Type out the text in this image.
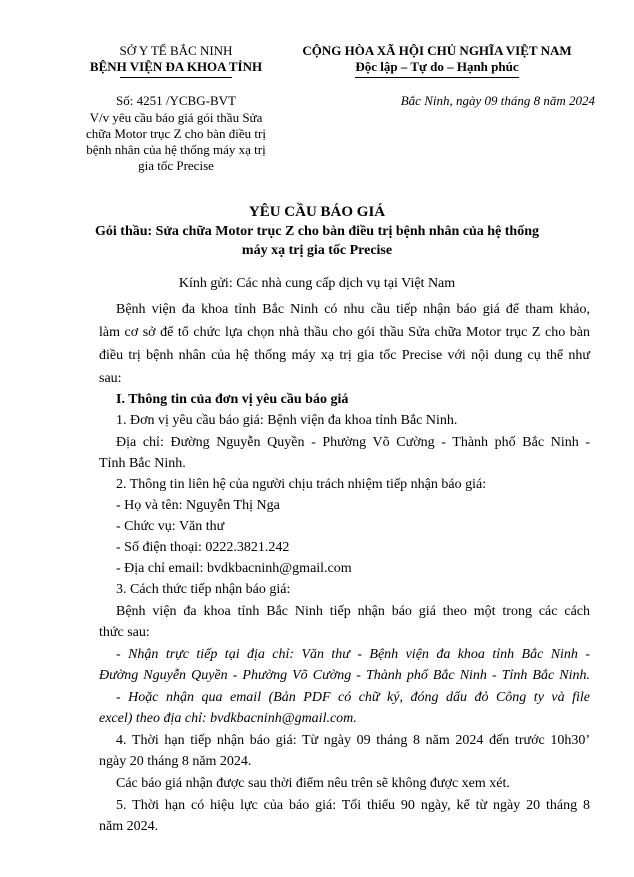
SỞ Y TẾ BẮC NINH
BỆNH VIỆN ĐA KHOA TỈNH
Số: 4251 /YCBG-BVT
V/v yêu cầu báo giá gói thầu Sửa
chữa Motor trục Z cho bàn điều trị
bệnh nhân của hệ thống máy xạ trị
gia tốc Precise
CỘNG HÒA XÃ HỘI CHỦ NGHĨA VIỆT NAM
Độc lập – Tự do – Hạnh phúc
Bắc Ninh, ngày 09 tháng 8 năm 2024
YÊU CẦU BÁO GIÁ
Gói thầu: Sửa chữa Motor trục Z cho bàn điều trị bệnh nhân của hệ thống
máy xạ trị gia tốc Precise
Kính gửi: Các nhà cung cấp dịch vụ tại Việt Nam
Bệnh viện đa khoa tỉnh Bắc Ninh có nhu cầu tiếp nhận báo giá để tham khảo,
làm cơ sở để tổ chức lựa chọn nhà thầu cho gói thầu Sửa chữa Motor trục Z cho bàn
điều trị bệnh nhân của hệ thống máy xạ trị gia tốc Precise với nội dung cụ thể như
sau:
I. Thông tin của đơn vị yêu cầu báo giá
1. Đơn vị yêu cầu báo giá: Bệnh viện đa khoa tỉnh Bắc Ninh.
Địa chỉ: Đường Nguyễn Quyền - Phường Võ Cường - Thành phố Bắc Ninh -
Tỉnh Bắc Ninh.
2. Thông tin liên hệ của người chịu trách nhiệm tiếp nhận báo giá:
- Họ và tên: Nguyễn Thị Nga
- Chức vụ: Văn thư
- Số điện thoại: 0222.3821.242
- Địa chỉ email: bvdkbacninh@gmail.com
3. Cách thức tiếp nhận báo giá:
Bệnh viện đa khoa tỉnh Bắc Ninh tiếp nhận báo giá theo một trong các cách
thức sau:
- Nhận trực tiếp tại địa chỉ: Văn thư - Bệnh viện đa khoa tỉnh Bắc Ninh -
Đường Nguyễn Quyền - Phường Võ Cường - Thành phố Bắc Ninh - Tỉnh Bắc Ninh.
- Hoặc nhận qua email (Bản PDF có chữ ký, đóng dấu đỏ Công ty và file
excel) theo địa chỉ: bvdkbacninh@gmail.com.
4. Thời hạn tiếp nhận báo giá: Từ ngày 09 tháng 8 năm 2024 đến trước 10h30’
ngày 20 tháng 8 năm 2024.
Các báo giá nhận được sau thời điểm nêu trên sẽ không được xem xét.
5. Thời hạn có hiệu lực của báo giá: Tối thiểu 90 ngày, kể từ ngày 20 tháng 8
năm 2024.
